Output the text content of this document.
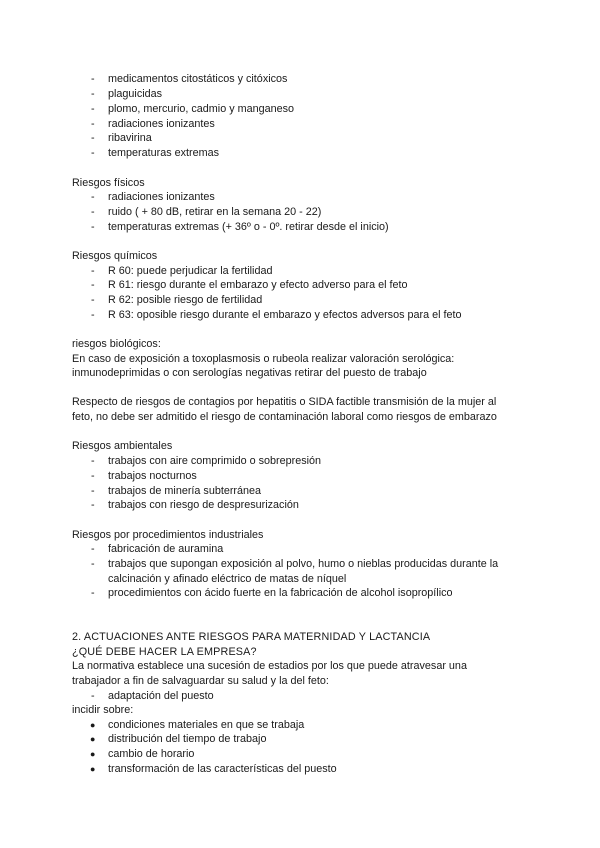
- medicamentos citostáticos y citóxicos
- plaguicidas
- plomo, mercurio, cadmio y manganeso
- radiaciones ionizantes
- ribavirina
- temperaturas extremas
Riesgos físicos
- radiaciones ionizantes
- ruido ( + 80 dB, retirar en la semana 20 - 22)
- temperaturas extremas (+ 36º o - 0º. retirar desde el inicio)
Riesgos químicos
- R 60: puede perjudicar la fertilidad
- R 61: riesgo durante el embarazo y efecto adverso para el feto
- R 62: posible riesgo de fertilidad
- R 63: oposible riesgo durante el embarazo y efectos adversos para el feto
riesgos biológicos:
En caso de exposición a toxoplasmosis o rubeola realizar valoración serológica:
inmunodeprimidas o con serologías negativas retirar del puesto de trabajo
Respecto de riesgos de contagios por hepatitis o SIDA factible transmisión de la mujer al
feto, no debe ser admitido el riesgo de contaminación laboral como riesgos de embarazo
Riesgos ambientales
- trabajos con aire comprimido o sobrepresión
- trabajos nocturnos
- trabajos de minería subterránea
- trabajos con riesgo de despresurización
Riesgos por procedimientos industriales
- fabricación de auramina
- trabajos que supongan exposición al polvo, humo o nieblas producidas durante la
calcinación y afinado eléctrico de matas de níquel
- procedimientos con ácido fuerte en la fabricación de alcohol isopropílico
2. ACTUACIONES ANTE RIESGOS PARA MATERNIDAD Y LACTANCIA
¿QUÉ DEBE HACER LA EMPRESA?
La normativa establece una sucesión de estadios por los que puede atravesar una
trabajador a fin de salvaguardar su salud y la del feto:
- adaptación del puesto
incidir sobre:
● condiciones materiales en que se trabaja
● distribución del tiempo de trabajo
● cambio de horario
● transformación de las características del puesto
